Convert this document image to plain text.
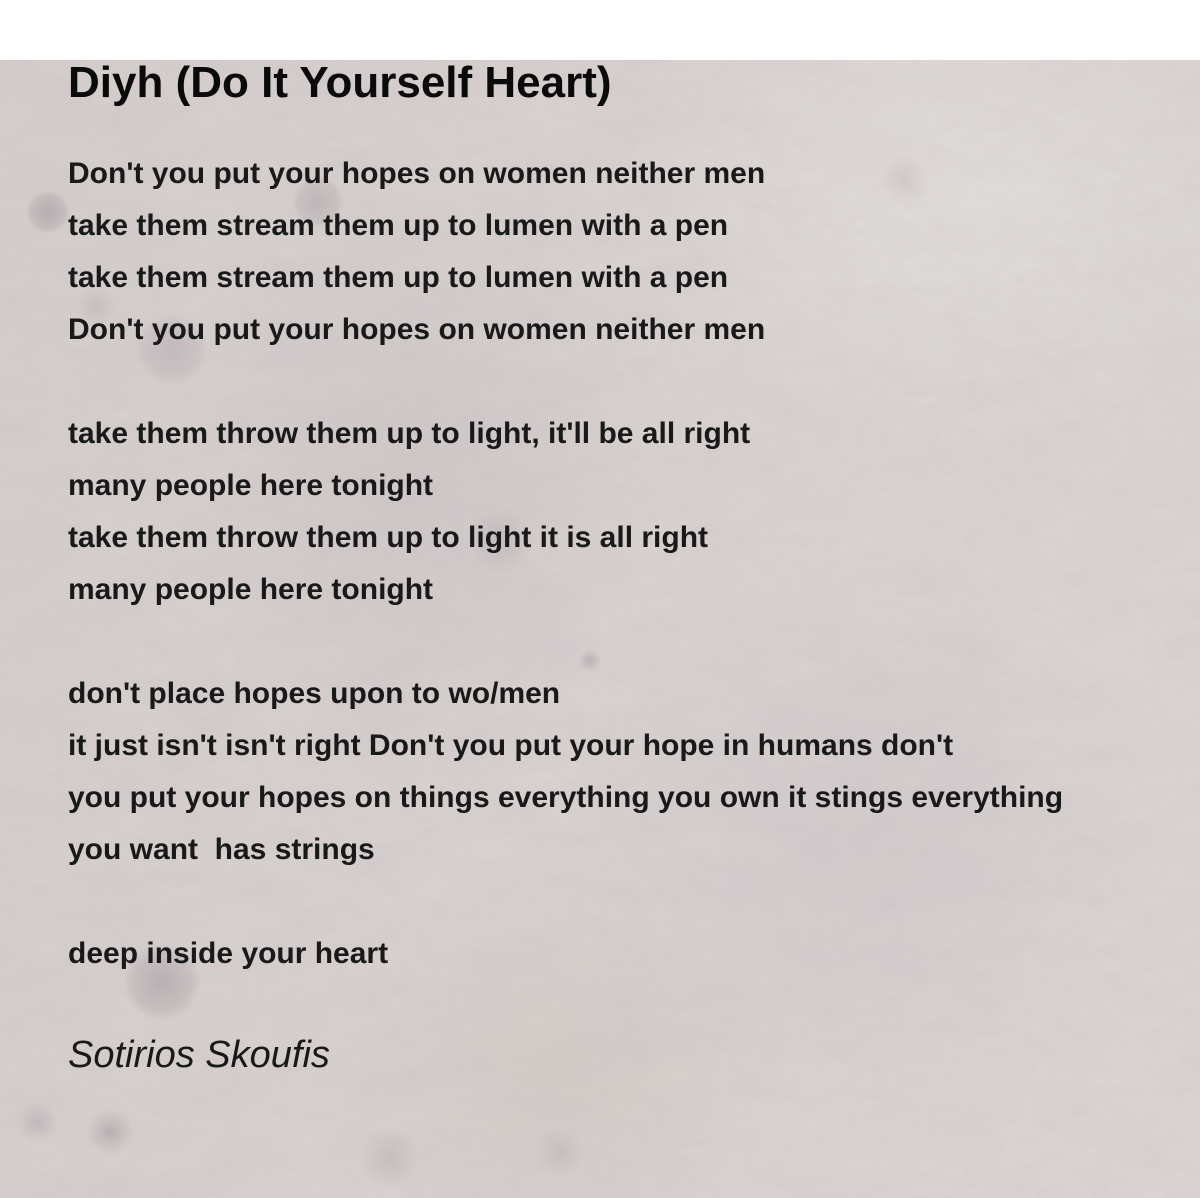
Diyh (Do It Yourself Heart)

Don't you put your hopes on women neither men
take them stream them up to lumen with a pen
take them stream them up to lumen with a pen
Don't you put your hopes on women neither men

take them throw them up to light, it'll be all right
many people here tonight
take them throw them up to light it is all right
many people here tonight

don't place hopes upon to wo/men
it just isn't isn't right Don't you put your hope in humans don't
you put your hopes on things everything you own it stings everything
you want  has strings

deep inside your heart

Sotirios Skoufis
